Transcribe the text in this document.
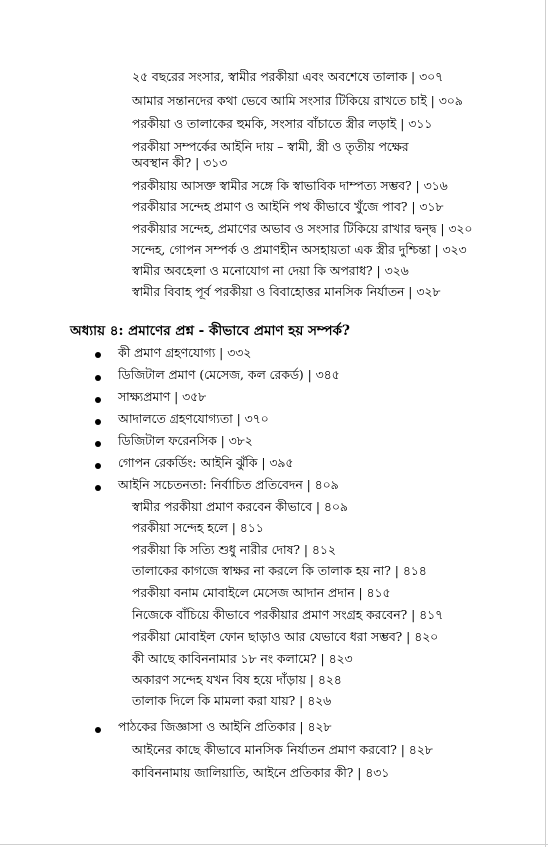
২৫ বছরের সংসার, স্বামীর পরকীয়া এবং অবশেষে তালাক | ৩০৭
আমার সন্তানদের কথা ভেবে আমি সংসার টিকিয়ে রাখতে চাই | ৩০৯
পরকীয়া ও তালাকের হুমকি, সংসার বাঁচাতে স্ত্রীর লড়াই | ৩১১
পরকীয়া সম্পর্কের আইনি দায় – স্বামী, স্ত্রী ও তৃতীয় পক্ষের
অবস্থান কী? | ৩১৩
পরকীয়ায় আসক্ত স্বামীর সঙ্গে কি স্বাভাবিক দাম্পত্য সম্ভব? | ৩১৬
পরকীয়ার সন্দেহ প্রমাণ ও আইনি পথ কীভাবে খুঁজে পাব? | ৩১৮
পরকীয়ার সন্দেহ, প্রমাণের অভাব ও সংসার টিকিয়ে রাখার দ্বন্দ্ব | ৩২০
সন্দেহ, গোপন সম্পর্ক ও প্রমাণহীন অসহায়তা এক স্ত্রীর দুশ্চিন্তা | ৩২৩
স্বামীর অবহেলা ও মনোযোগ না দেয়া কি অপরাধ? | ৩২৬
স্বামীর বিবাহ পূর্ব পরকীয়া ও বিবাহোত্তর মানসিক নির্যাতন | ৩২৮
অধ্যায় ৪: প্রমাণের প্রশ্ন - কীভাবে প্রমাণ হয় সম্পর্ক?
কী প্রমাণ গ্রহণযোগ্য | ৩৩২
ডিজিটাল প্রমাণ (মেসেজ, কল রেকর্ড) | ৩৪৫
সাক্ষ্যপ্রমাণ | ৩৫৮
আদালতে গ্রহণযোগ্যতা | ৩৭০
ডিজিটাল ফরেনসিক | ৩৮২
গোপন রেকর্ডিং: আইনি ঝুঁকি | ৩৯৫
আইনি সচেতনতা: নির্বাচিত প্রতিবেদন | ৪০৯
স্বামীর পরকীয়া প্রমাণ করবেন কীভাবে | ৪০৯
পরকীয়া সন্দেহ হলে | ৪১১
পরকীয়া কি সত্যি শুধু নারীর দোষ? | ৪১২
তালাকের কাগজে স্বাক্ষর না করলে কি তালাক হয় না? | ৪১৪
পরকীয়া বনাম মোবাইলে মেসেজ আদান প্রদান | ৪১৫
নিজেকে বাঁচিয়ে কীভাবে পরকীয়ার প্রমাণ সংগ্রহ করবেন? | ৪১৭
পরকীয়া মোবাইল ফোন ছাড়াও আর যেভাবে ধরা সম্ভব? | ৪২০
কী আছে কাবিননামার ১৮ নং কলামে? | ৪২৩
অকারণ সন্দেহ যখন বিষ হয়ে দাঁড়ায় | ৪২৪
তালাক দিলে কি মামলা করা যায়? | ৪২৬
পাঠকের জিজ্ঞাসা ও আইনি প্রতিকার | ৪২৮
আইনের কাছে কীভাবে মানসিক নির্যাতন প্রমাণ করবো? | ৪২৮
কাবিননামায় জালিয়াতি, আইনে প্রতিকার কী? | ৪৩১
